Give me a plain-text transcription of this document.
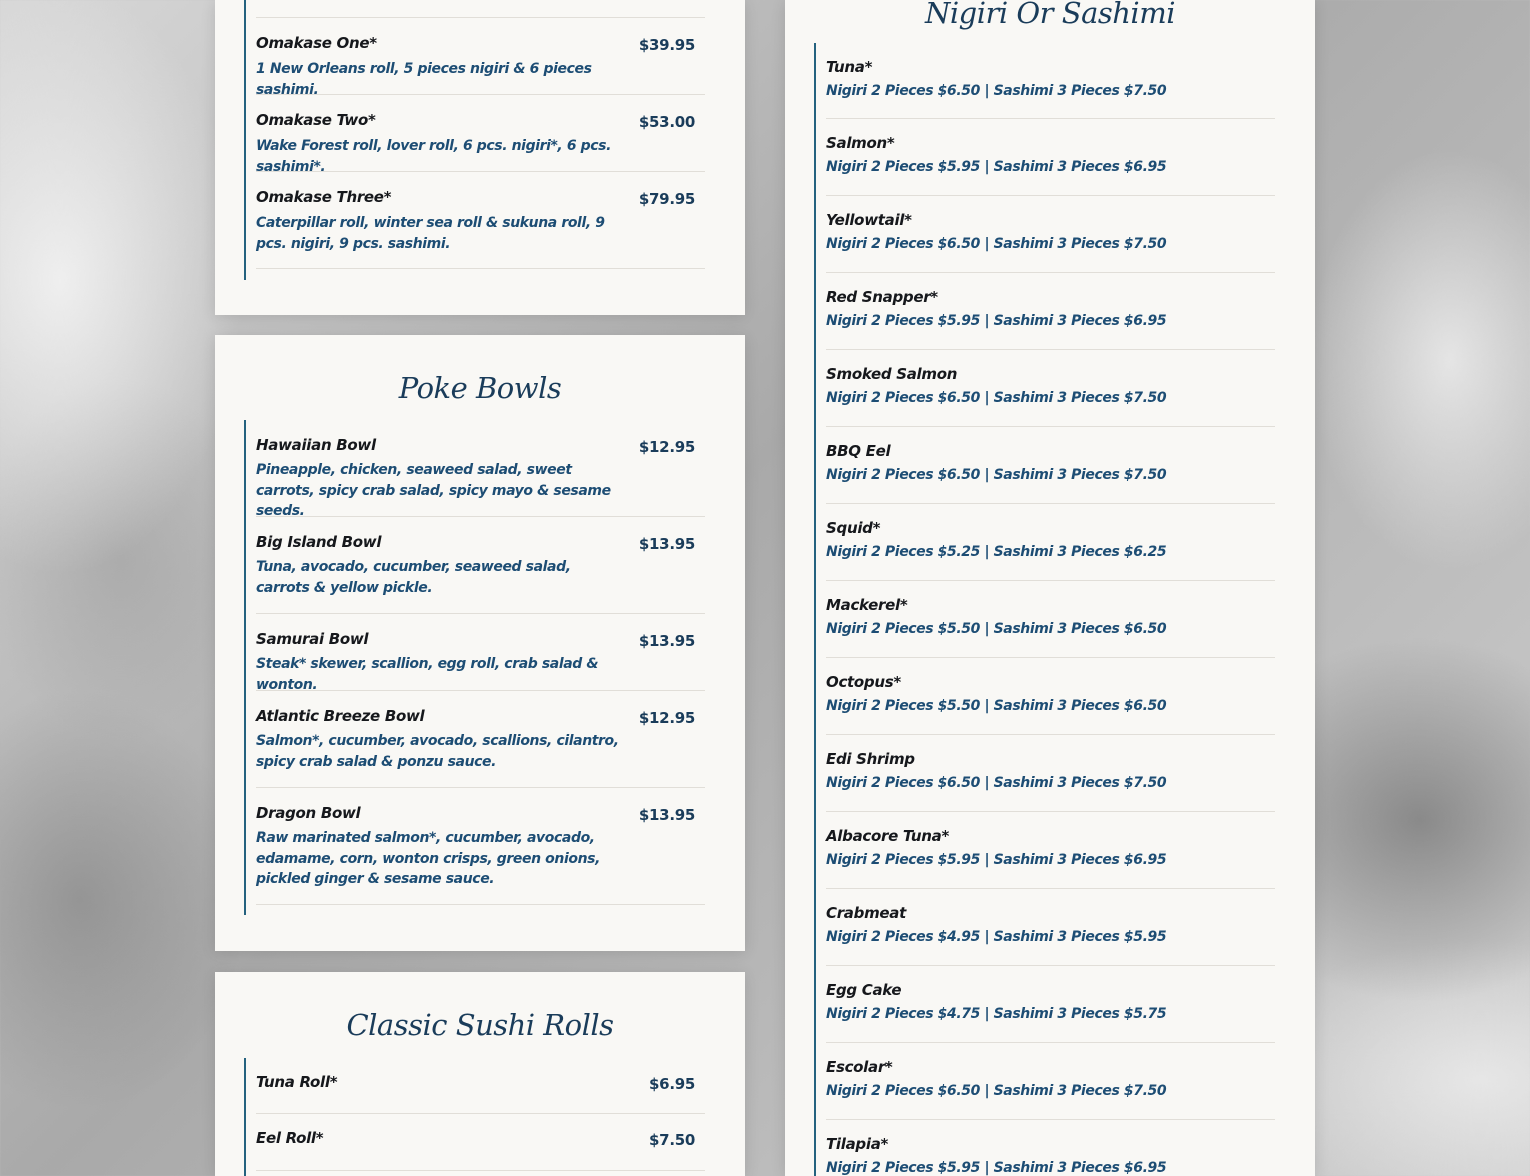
Omakase One*	$39.95
1 New Orleans roll, 5 pieces nigiri & 6 pieces sashimi.
Omakase Two*	$53.00
Wake Forest roll, lover roll, 6 pcs. nigiri*, 6 pcs. sashimi*.
Omakase Three*	$79.95
Caterpillar roll, winter sea roll & sukuna roll, 9 pcs. nigiri, 9 pcs. sashimi.
Poke Bowls
Hawaiian Bowl	$12.95
Pineapple, chicken, seaweed salad, sweet carrots, spicy crab salad, spicy mayo & sesame seeds.
Big Island Bowl	$13.95
Tuna, avocado, cucumber, seaweed salad, carrots & yellow pickle.
Samurai Bowl	$13.95
Steak* skewer, scallion, egg roll, crab salad & wonton.
Atlantic Breeze Bowl	$12.95
Salmon*, cucumber, avocado, scallions, cilantro, spicy crab salad & ponzu sauce.
Dragon Bowl	$13.95
Raw marinated salmon*, cucumber, avocado, edamame, corn, wonton crisps, green onions, pickled ginger & sesame sauce.
Classic Sushi Rolls
Tuna Roll*	$6.95
Eel Roll*	$7.50
Nigiri Or Sashimi
Tuna*
Nigiri 2 Pieces $6.50 | Sashimi 3 Pieces $7.50
Salmon*
Nigiri 2 Pieces $5.95 | Sashimi 3 Pieces $6.95
Yellowtail*
Nigiri 2 Pieces $6.50 | Sashimi 3 Pieces $7.50
Red Snapper*
Nigiri 2 Pieces $5.95 | Sashimi 3 Pieces $6.95
Smoked Salmon
Nigiri 2 Pieces $6.50 | Sashimi 3 Pieces $7.50
BBQ Eel
Nigiri 2 Pieces $6.50 | Sashimi 3 Pieces $7.50
Squid*
Nigiri 2 Pieces $5.25 | Sashimi 3 Pieces $6.25
Mackerel*
Nigiri 2 Pieces $5.50 | Sashimi 3 Pieces $6.50
Octopus*
Nigiri 2 Pieces $5.50 | Sashimi 3 Pieces $6.50
Edi Shrimp
Nigiri 2 Pieces $6.50 | Sashimi 3 Pieces $7.50
Albacore Tuna*
Nigiri 2 Pieces $5.95 | Sashimi 3 Pieces $6.95
Crabmeat
Nigiri 2 Pieces $4.95 | Sashimi 3 Pieces $5.95
Egg Cake
Nigiri 2 Pieces $4.75 | Sashimi 3 Pieces $5.75
Escolar*
Nigiri 2 Pieces $6.50 | Sashimi 3 Pieces $7.50
Tilapia*
Nigiri 2 Pieces $5.95 | Sashimi 3 Pieces $6.95
